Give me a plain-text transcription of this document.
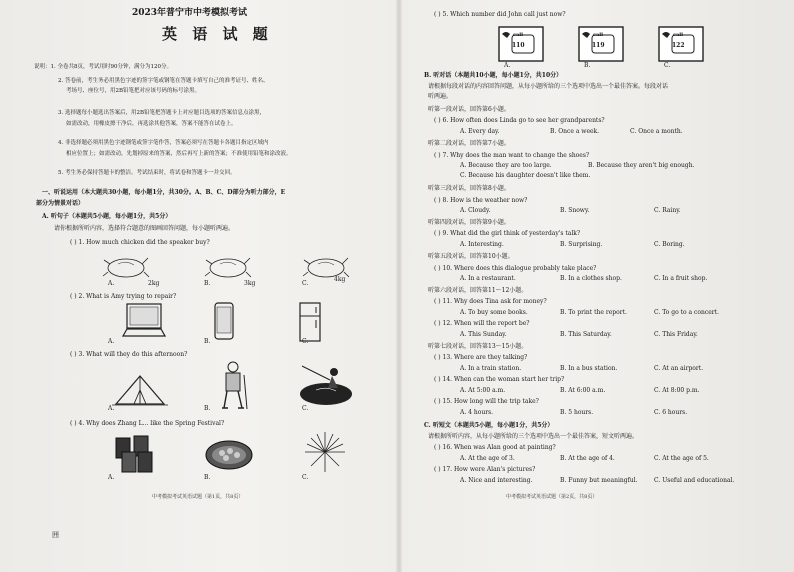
2023年普宁市中考模拟考试
英 语 试 题
说明：1. 全卷共8页，考试用时90分钟，满分为120分。
2. 答卷前，考生务必用黑色字迹的签字笔或钢笔在答题卡填写自己的准考证号、姓名、
考场号、座位号，用2B铅笔把对应该号码的标号涂黑。
3. 选择题每小题选出答案后，用2B铅笔把答题卡上对应题目选项的答案信息点涂黑，
如需改动，用橡皮擦干净后，再选涂其他答案，答案不能答在试卷上。
4. 非选择题必须用黑色字迹钢笔或签字笔作答，答案必须写在答题卡各题目指定区域内
相应位置上；如需改动，先划掉原来的答案，然后再写上新的答案；不准使用铅笔和涂改液。
5. 考生务必保持答题卡的整洁。考试结束时，将试卷和答题卡一并交回。
一、听说运用（本大题共30小题，每小题1分，共30分。A、B、C、D部分为听力部分，E
部分为情景对话）
A. 听句子（本题共5小题，每小题1分，共5分）
请你根据所听内容，选择符合题意的图画回答问题，每小题听两遍。
( ) 1. How much chicken did the speaker buy?
A.	2kg	B.	3kg	C.
4kg
( ) 2. What is Amy trying to repair?
A.	B.	C.
( ) 3. What will they do this afternoon?
A.	B.	C.
( ) 4. Why does Zhang L... like the Spring Festival?
A.	B.	C.
中考模拟考试英语试题（第1页，共8页）
囲
( ) 5. Which number did John call just now?
call
110
call
119
call
122
A.	B.	C.
B. 听对话（本题共10小题，每小题1分，共10分）
请根据每段对话的内容回答问题，从每小题所给的三个选项中选出一个最佳答案。每段对话
听两遍。
听第一段对话，回答第6小题。
( ) 6. How often does Linda go to see her grandparents?
A. Every day.	B. Once a week.	C. Once a month.
听第二段对话，回答第7小题。
( ) 7. Why does the man want to change the shoes?
A. Because they are too large.	B. Because they aren't big enough.
C. Because his daughter doesn't like them.
听第三段对话，回答第8小题。
( ) 8. How is the weather now?
A. Cloudy.	B. Snowy.	C. Rainy.
听第四段对话，回答第9小题。
( ) 9. What did the girl think of yesterday's talk?
A. Interesting.	B. Surprising.	C. Boring.
听第五段对话，回答第10小题。
( ) 10. Where does this dialogue probably take place?
A. In a restaurant.	B. In a clothes shop.	C. In a fruit shop.
听第六段对话，回答第11～12小题。
( ) 11. Why does Tina ask for money?
A. To buy some books.	B. To print the report.	C. To go to a concert.
( ) 12. When will the report be?
A. This Sunday.	B. This Saturday.	C. This Friday.
听第七段对话，回答第13～15小题。
( ) 13. Where are they talking?
A. In a train station.	B. In a bus station.	C. At an airport.
( ) 14. When can the woman start her trip?
A. At 5:00 a.m.	B. At 6:00 a.m.	C. At 8:00 p.m.
( ) 15. How long will the trip take?
A. 4 hours.	B. 5 hours.	C. 6 hours.
C. 听短文（本题共5小题，每小题1分，共5分）
请根据所听内容，从每小题所给的三个选项中选出一个最佳答案，短文听两遍。
( ) 16. When was Alan good at painting?
A. At the age of 3.	B. At the age of 4.	C. At the age of 5.
( ) 17. How were Alan's pictures?
A. Nice and interesting.	B. Funny but meaningful.	C. Useful and educational.
中考模拟考试英语试题（第2页，共8页）
